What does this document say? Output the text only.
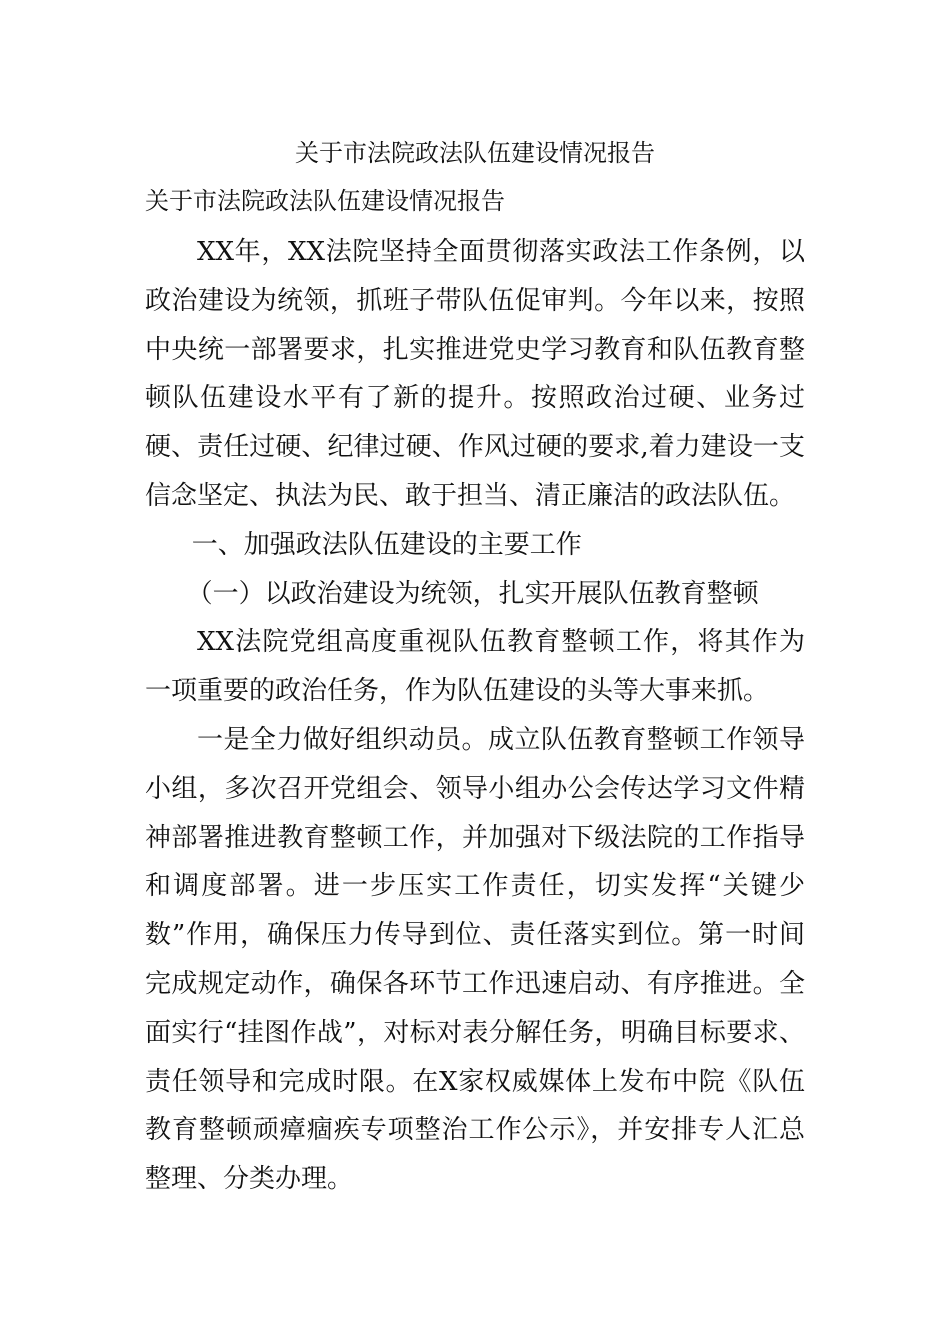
关于市法院政法队伍建设情况报告
关于市法院政法队伍建设情况报告

XX年，XX法院坚持全面贯彻落实政法工作条例，以政治建设为统领，抓班子带队伍促审判。今年以来，按照中央统一部署要求，扎实推进党史学习教育和队伍教育整顿队伍建设水平有了新的提升。按照政治过硬、业务过硬、责任过硬、纪律过硬、作风过硬的要求,着力建设一支信念坚定、执法为民、敢于担当、清正廉洁的政法队伍。

一、加强政法队伍建设的主要工作

（一）以政治建设为统领，扎实开展队伍教育整顿

XX法院党组高度重视队伍教育整顿工作，将其作为一项重要的政治任务，作为队伍建设的头等大事来抓。

一是全力做好组织动员。成立队伍教育整顿工作领导小组，多次召开党组会、领导小组办公会传达学习文件精神部署推进教育整顿工作，并加强对下级法院的工作指导和调度部署。进一步压实工作责任，切实发挥“关键少数”作用，确保压力传导到位、责任落实到位。第一时间完成规定动作，确保各环节工作迅速启动、有序推进。全面实行“挂图作战”，对标对表分解任务，明确目标要求、责任领导和完成时限。在X家权威媒体上发布中院《队伍教育整顿顽瘴痼疾专项整治工作公示》，并安排专人汇总整理、分类办理。
